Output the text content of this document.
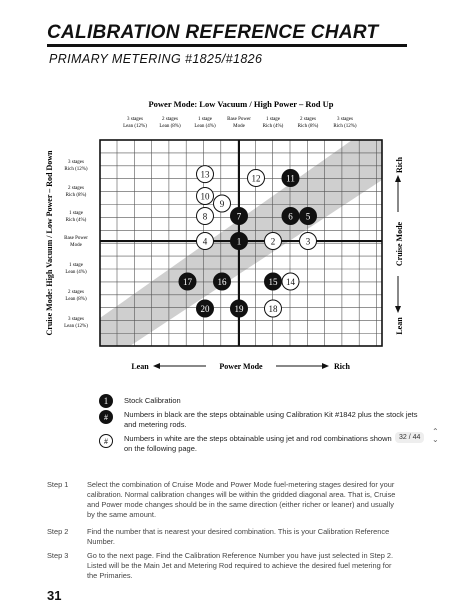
CALIBRATION REFERENCE CHART
PRIMARY METERING #1825/#1826
Power Mode: Low Vacuum / High Power – Rod Up
3 stages
Lean (12%)
2 stages
Lean (8%)
1 stage
Lean (4%)
Base Power
Mode
1 stage
Rich (4%)
2 stages
Rich (8%)
3 stages
Rich (12%)
3 stages
Rich (12%)
2 stages
Rich (8%)
1 stage
Rich (4%)
Base Power
Mode
1 stage
Lean (4%)
2 stages
Lean (8%)
3 stages
Lean (12%)
Cruise Mode: High Vacuum / Low Power – Rod Down	Rich
Cruise Mode
Lean
Lean	Power Mode	Rich
1	2	3
4
5
6
7
8
9
10
11
12
13
14
15
16
17
18
19
20
1 Stock Calibration
# Numbers in black are the steps obtainable using Calibration Kit #1842 plus the stock jets and metering rods.
# Numbers in white are the steps obtainable using jet and rod combinations shown on the following page.
32 / 44
⌃
⌄
Step 1	Select the combination of Cruise Mode and Power Mode fuel-metering stages desired for your calibration. Normal calibration changes will be within the gridded diagonal area. That is, Cruise and Power mode changes should be in the same direction (either richer or leaner) and usually by the same amount.
Step 2	Find the number that is nearest your desired combination. This is your Calibration Reference Number.
Step 3	Go to the next page. Find the Calibration Reference Number you have just selected in Step 2. Listed will be the Main Jet and Metering Rod required to achieve the desired fuel metering for the Primaries.
31
